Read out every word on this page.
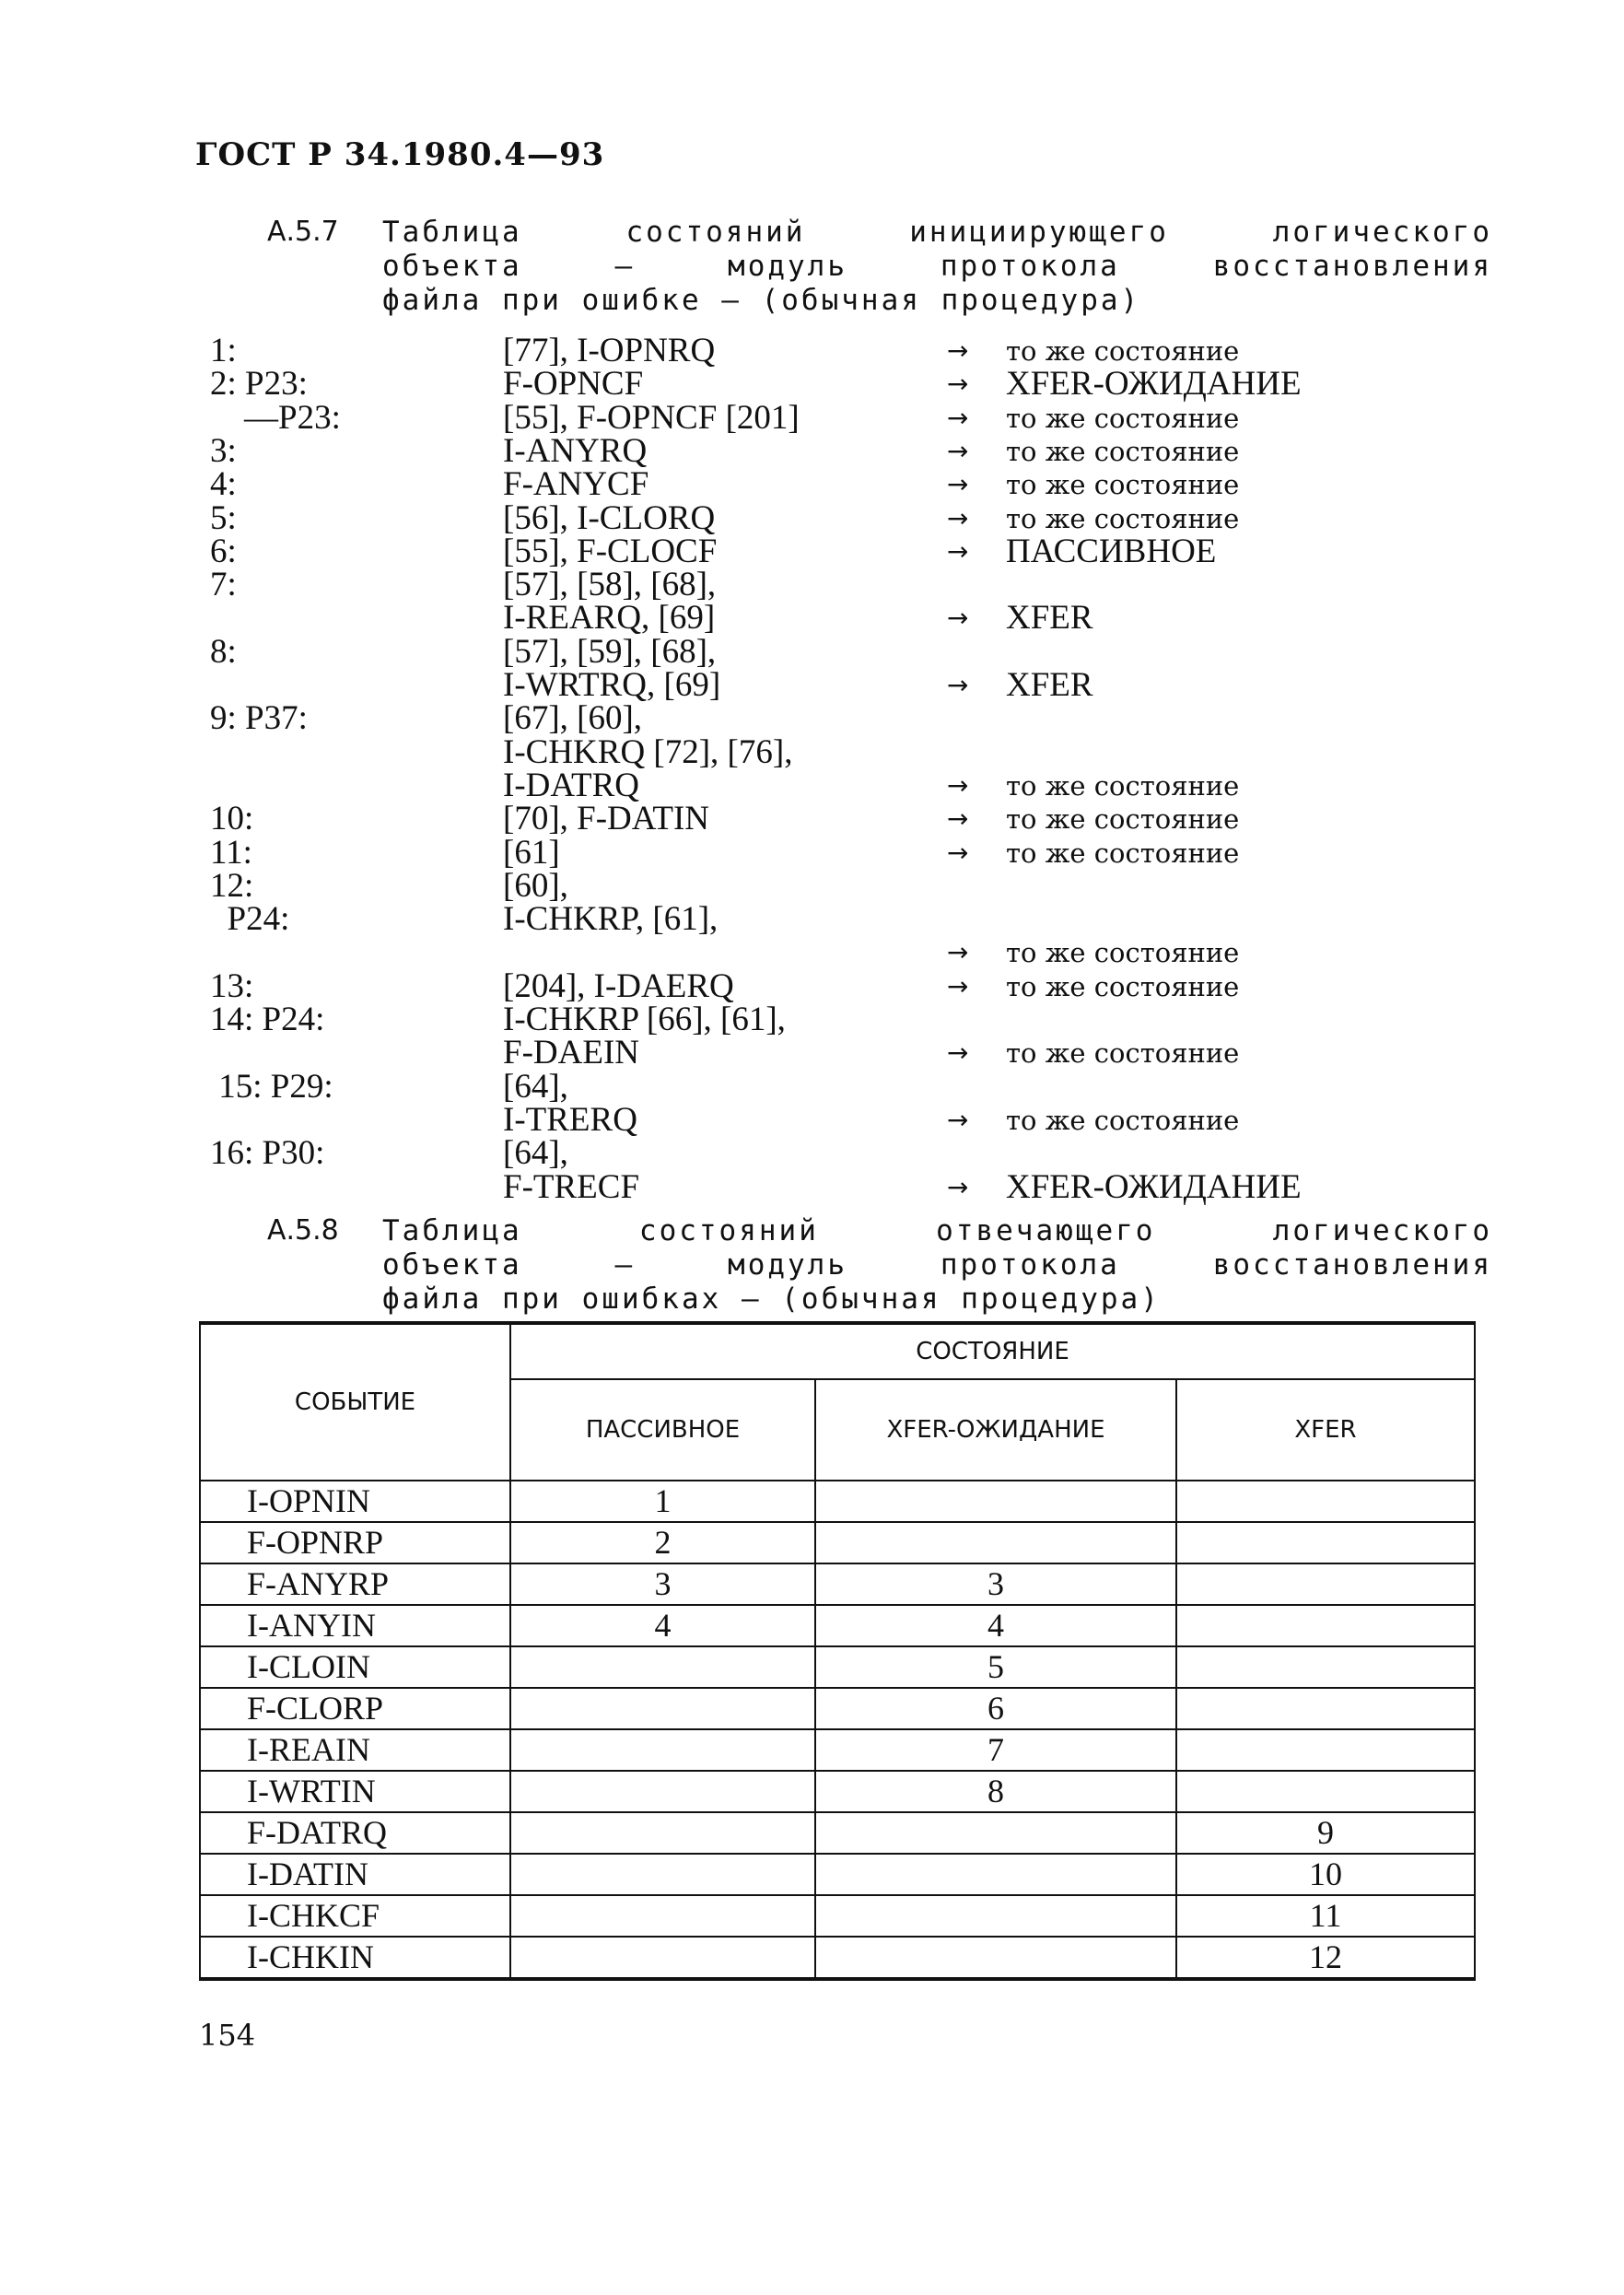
ГОСТ Р 34.1980.4—93
А.5.7 Таблица состояний инициирующего логического
объекта — модуль протокола восстановления
файла при ошибке — (обычная процедура)
1:	[77], I-OPNRQ	→ то же состояние
2: P23:	F-OPNCF	→ XFER-ОЖИДАНИЕ
—P23:	[55], F-OPNCF [201]	→ то же состояние
3:	I-ANYRQ	→ то же состояние
4:	F-ANYCF	→ то же состояние
5:	[56], I-CLORQ	→ то же состояние
6:	[55], F-CLOCF	→ ПАССИВНОЕ
7:	[57], [58], [68],
I-REARQ, [69]	→ XFER
8:	[57], [59], [68],
I-WRTRQ, [69]	→ XFER
9: P37:	[67], [60],
I-CHKRQ [72], [76],
I-DATRQ	→ то же состояние
10:	[70], F-DATIN	→ то же состояние
11:	[61]	→ то же состояние
12:	[60],
P24:	I-CHKRP, [61],
→ то же состояние
13:	[204], I-DAERQ	→ то же состояние
14: P24:	I-CHKRP [66], [61],
F-DAEIN	→ то же состояние
15: P29:	[64],
I-TRERQ	→ то же состояние
16: P30:	[64],
F-TRECF	→ XFER-ОЖИДАНИЕ
А.5.8 Таблица состояний отвечающего логического
объекта — модуль протокола восстановления
файла при ошибках — (обычная процедура)
СОБЫТИЕ	СОСТОЯНИЕ		
	ПАССИВНОЕ	XFER-ОЖИДАНИЕ	XFER
I-OPNIN	1		
F-OPNRP	2		
F-ANYRP	3	3	
I-ANYIN	4	4	
I-CLOIN		5	
F-CLORP		6	
I-REAIN		7	
I-WRTIN		8	
F-DATRQ			9
I-DATIN			10
I-CHKCF			11
I-CHKIN			12
154
